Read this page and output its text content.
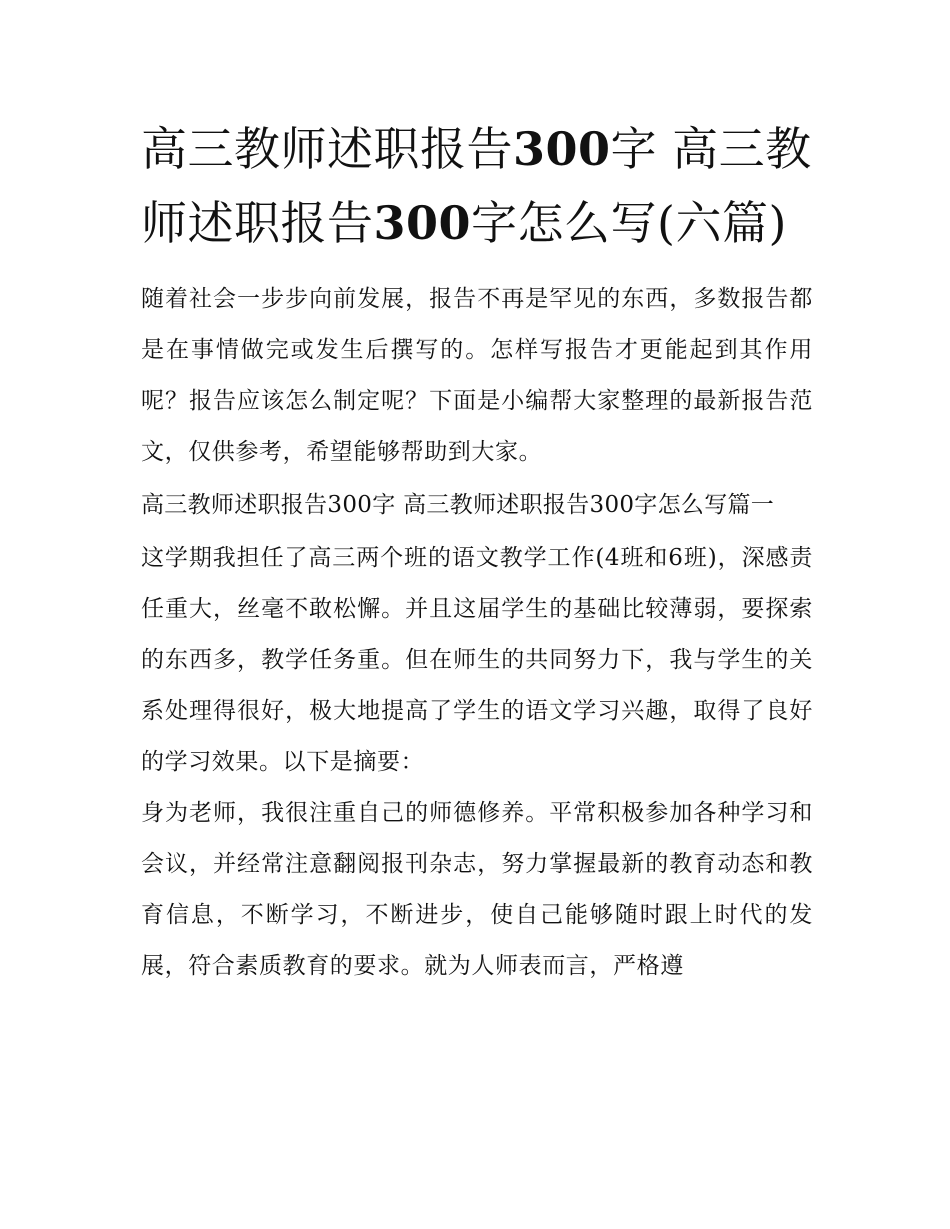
高三教师述职报告300字 高三教师述职报告300字怎么写(六篇)

随着社会一步步向前发展，报告不再是罕见的东西，多数报告都是在事情做完或发生后撰写的。怎样写报告才更能起到其作用呢？报告应该怎么制定呢？下面是小编帮大家整理的最新报告范文，仅供参考，希望能够帮助到大家。

高三教师述职报告300字 高三教师述职报告300字怎么写篇一

这学期我担任了高三两个班的语文教学工作(4班和6班)，深感责任重大，丝毫不敢松懈。并且这届学生的基础比较薄弱，要探索的东西多，教学任务重。但在师生的共同努力下，我与学生的关系处理得很好，极大地提高了学生的语文学习兴趣，取得了良好的学习效果。以下是摘要：

身为老师，我很注重自己的师德修养。平常积极参加各种学习和会议，并经常注意翻阅报刊杂志，努力掌握最新的教育动态和教育信息，不断学习，不断进步，使自己能够随时跟上时代的发展，符合素质教育的要求。就为人师表而言，严格遵
